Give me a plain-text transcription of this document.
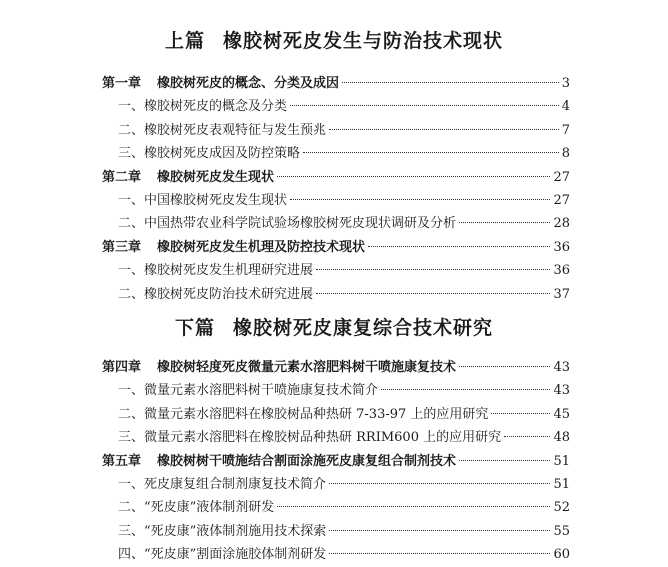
上篇 橡胶树死皮发生与防治技术现状
第一章 橡胶树死皮的概念、分类及成因	3
一、橡胶树死皮的概念及分类	4
二、橡胶树死皮表观特征与发生预兆	7
三、橡胶树死皮成因及防控策略	8
第二章 橡胶树死皮发生现状	27
一、中国橡胶树死皮发生现状	27
二、中国热带农业科学院试验场橡胶树死皮现状调研及分析	28
第三章 橡胶树死皮发生机理及防控技术现状	36
一、橡胶树死皮发生机理研究进展	36
二、橡胶树死皮防治技术研究进展	37
下篇 橡胶树死皮康复综合技术研究
第四章 橡胶树轻度死皮微量元素水溶肥料树干喷施康复技术	43
一、微量元素水溶肥料树干喷施康复技术简介	43
二、微量元素水溶肥料在橡胶树品种热研 7-33-97 上的应用研究	45
三、微量元素水溶肥料在橡胶树品种热研 RRIM600 上的应用研究	48
第五章 橡胶树树干喷施结合割面涂施死皮康复组合制剂技术	51
一、死皮康复组合制剂康复技术简介	51
二、“死皮康”液体制剂研发	52
三、“死皮康”液体制剂施用技术探索	55
四、“死皮康”割面涂施胶体制剂研发	60
